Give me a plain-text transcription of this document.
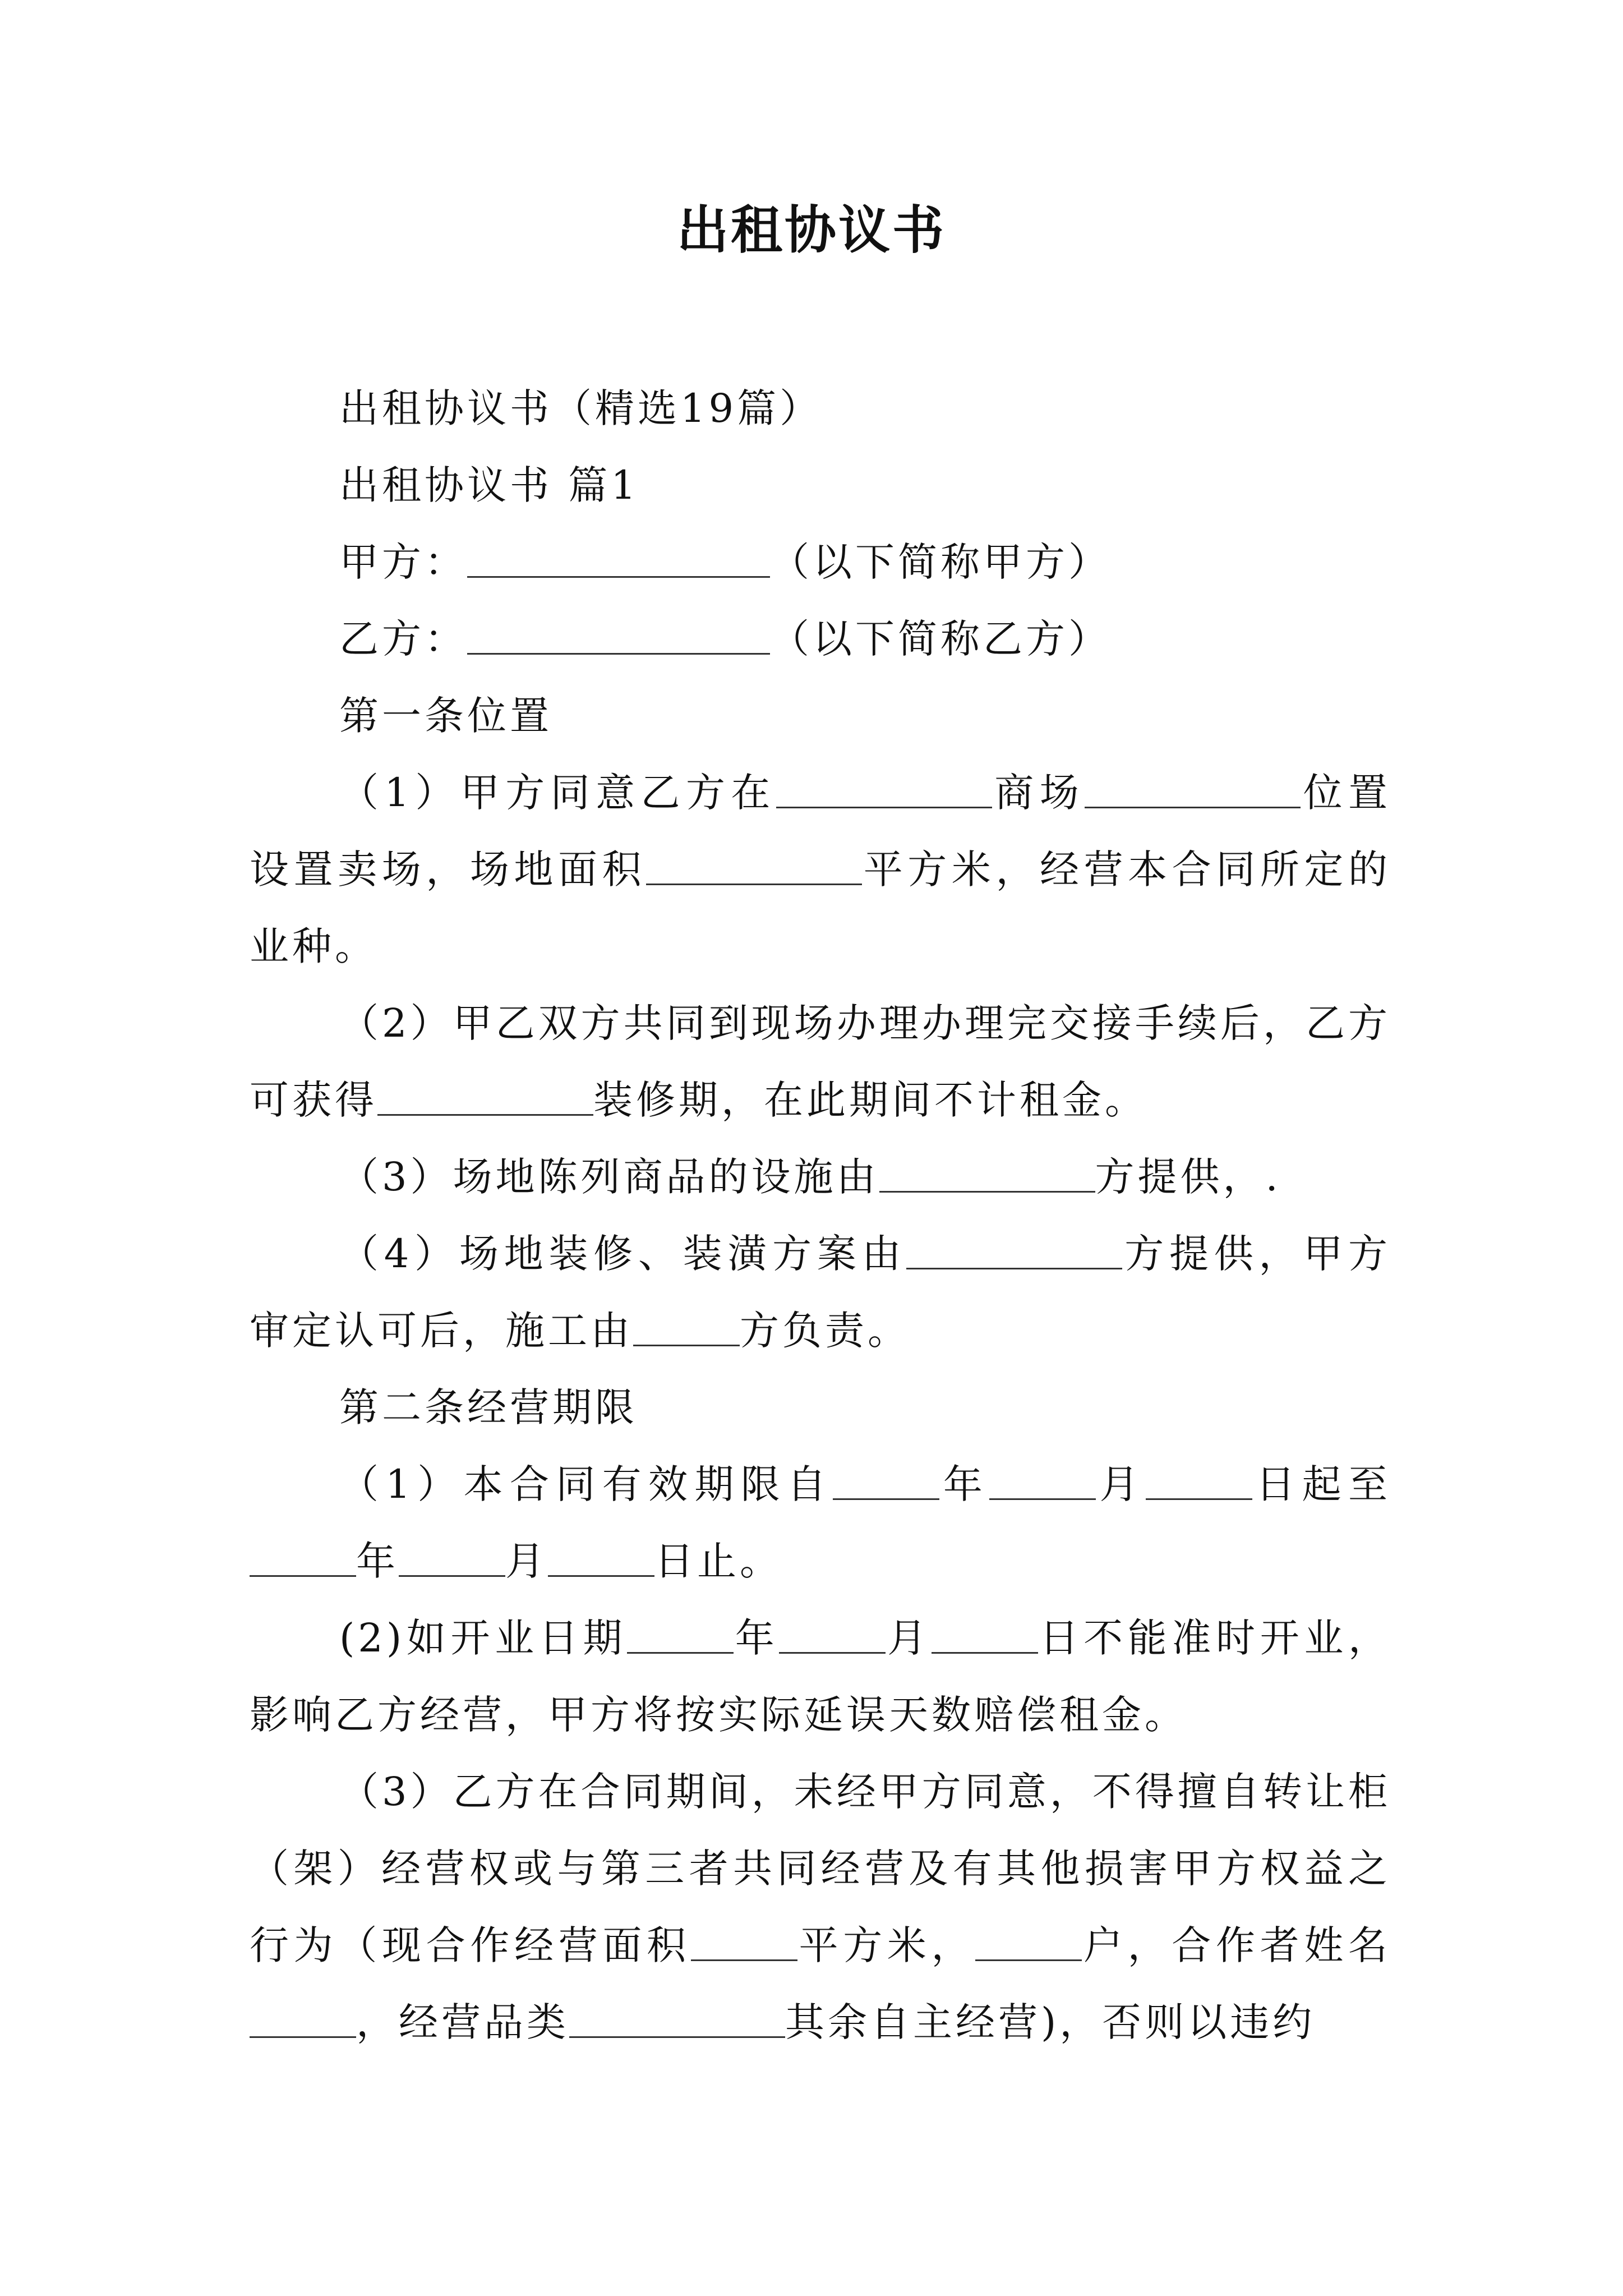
出租协议书

出租协议书（精选19篇）

出租协议书 篇1

甲方：	（以下简称甲方）

乙方：	（以下简称乙方）

第一条位置

（1）甲方同意乙方在	商场	位置设置卖场，场地面积	平方米，经营本合同所定的业种。

（2）甲乙双方共同到现场办理办理完交接手续后，乙方可获得	装修期，在此期间不计租金。

（3）场地陈列商品的设施由	方提供，.

（4）场地装修、装潢方案由	方提供，甲方审定认可后，施工由	方负责。

第二条经营期限

（1）本合同有效期限自	年	月	日起至年	月	日止。

(2)如开业日期	年	月	日不能准时开业，影响乙方经营，甲方将按实际延误天数赔偿租金。

（3）乙方在合同期间，未经甲方同意，不得擅自转让柜（架）经营权或与第三者共同经营及有其他损害甲方权益之行为（现合作经营面积	平方米，	户，合作者姓名，经营品类	其余自主经营)，否则以违约
